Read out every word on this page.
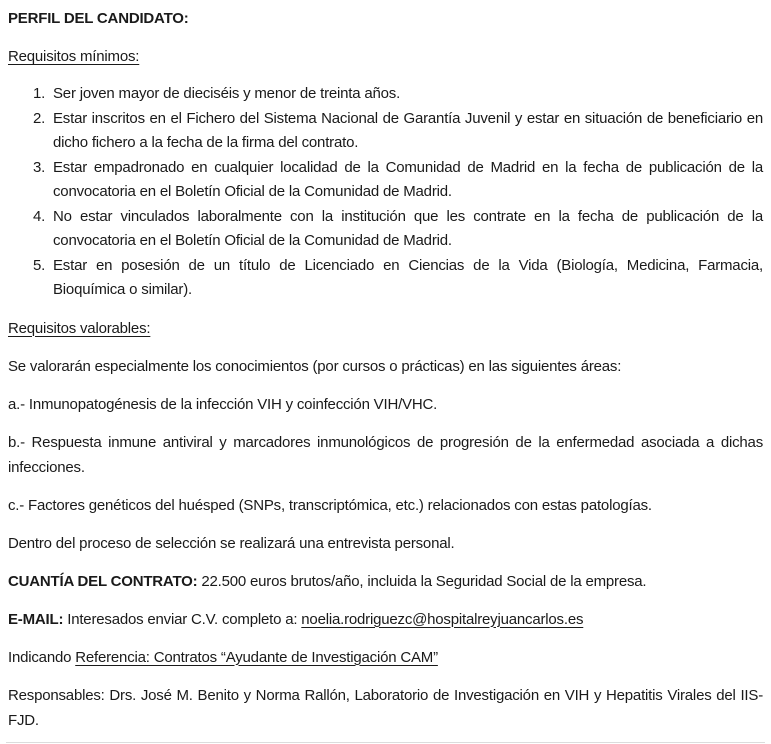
PERFIL DEL CANDIDATO:

Requisitos mínimos:

1. Ser joven mayor de dieciséis y menor de treinta años.
2. Estar inscritos en el Fichero del Sistema Nacional de Garantía Juvenil y estar en situación de beneficiario en dicho fichero a la fecha de la firma del contrato.
3. Estar empadronado en cualquier localidad de la Comunidad de Madrid en la fecha de publicación de la convocatoria en el Boletín Oficial de la Comunidad de Madrid.
4. No estar vinculados laboralmente con la institución que les contrate en la fecha de publicación de la convocatoria en el Boletín Oficial de la Comunidad de Madrid.
5. Estar en posesión de un título de Licenciado en Ciencias de la Vida (Biología, Medicina, Farmacia, Bioquímica o similar).

Requisitos valorables:

Se valorarán especialmente los conocimientos (por cursos o prácticas) en las siguientes áreas:

a.- Inmunopatogénesis de la infección VIH y coinfección VIH/VHC.

b.- Respuesta inmune antiviral y marcadores inmunológicos de progresión de la enfermedad asociada a dichas infecciones.

c.- Factores genéticos del huésped (SNPs, transcriptómica, etc.) relacionados con estas patologías.

Dentro del proceso de selección se realizará una entrevista personal.

CUANTÍA DEL CONTRATO: 22.500 euros brutos/año, incluida la Seguridad Social de la empresa.

E-MAIL: Interesados enviar C.V. completo a: noelia.rodriguezc@hospitalreyjuancarlos.es

Indicando Referencia: Contratos “Ayudante de Investigación CAM”

Responsables: Drs. José M. Benito y Norma Rallón, Laboratorio de Investigación en VIH y Hepatitis Virales del IIS-FJD.
